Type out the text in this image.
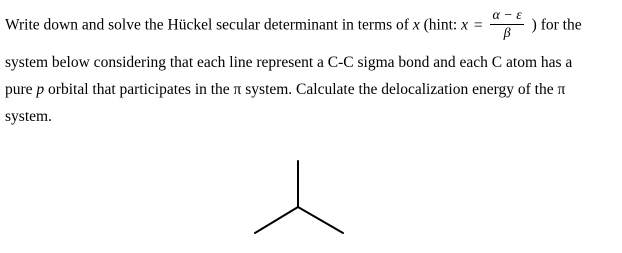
Write down and solve the Hückel secular determinant in terms of x (hint: $x = \frac{\alpha - \varepsilon}{\beta}$ ) for the
system below considering that each line represent a C-C sigma bond and each C atom has a
pure p orbital that participates in the π system. Calculate the delocalization energy of the π
system.
